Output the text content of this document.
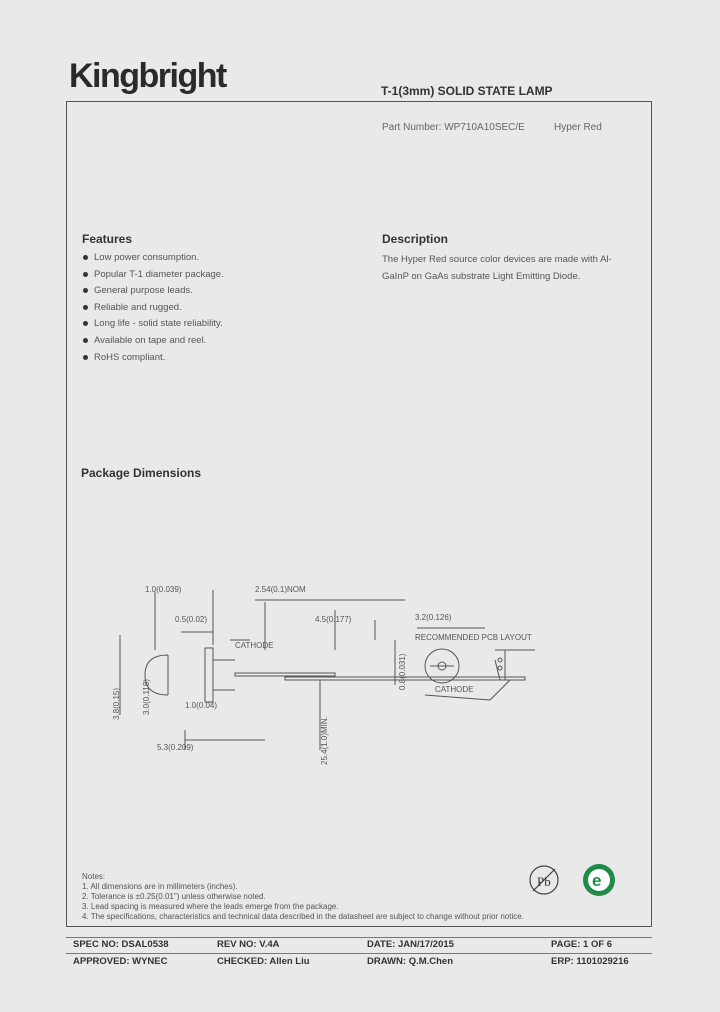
Kingbright	T-1(3mm) SOLID STATE LAMP
Part Number: WP710A10SEC/E	Hyper Red
Features
Low power consumption.
Popular T-1 diameter package.
General purpose leads.
Reliable and rugged.
Long life - solid state reliability.
Available on tape and reel.
RoHS compliant.
Description
The Hyper Red source color devices are made with Al-
GaInP on GaAs substrate Light Emitting Diode.
Package Dimensions
1.0(0.039)	2.54(0.1)NOM
0.5(0.02)	4.5(0.177)
CATHODE
1.0(0.04)
5.3(0.209)
3.2(0.126)
RECOMMENDED PCB LAYOUT
CATHODE
3.8(0.15)	3.0(0.118)
25.4(1.0)MIN.
0.8(0.031)
Notes:
1. All dimensions are in millimeters (inches).
2. Tolerance is ±0.25(0.01") unless otherwise noted.
3. Lead spacing is measured where the leads emerge from the package.
4. The specifications, characteristics and technical data described in the datasheet are subject to change without prior notice.
Pb e
SPEC NO: DSAL0538	REV NO: V.4A	DATE: JAN/17/2015	PAGE: 1 OF 6
APPROVED: WYNEC	CHECKED: Allen Liu	DRAWN: Q.M.Chen	ERP: 1101029216
